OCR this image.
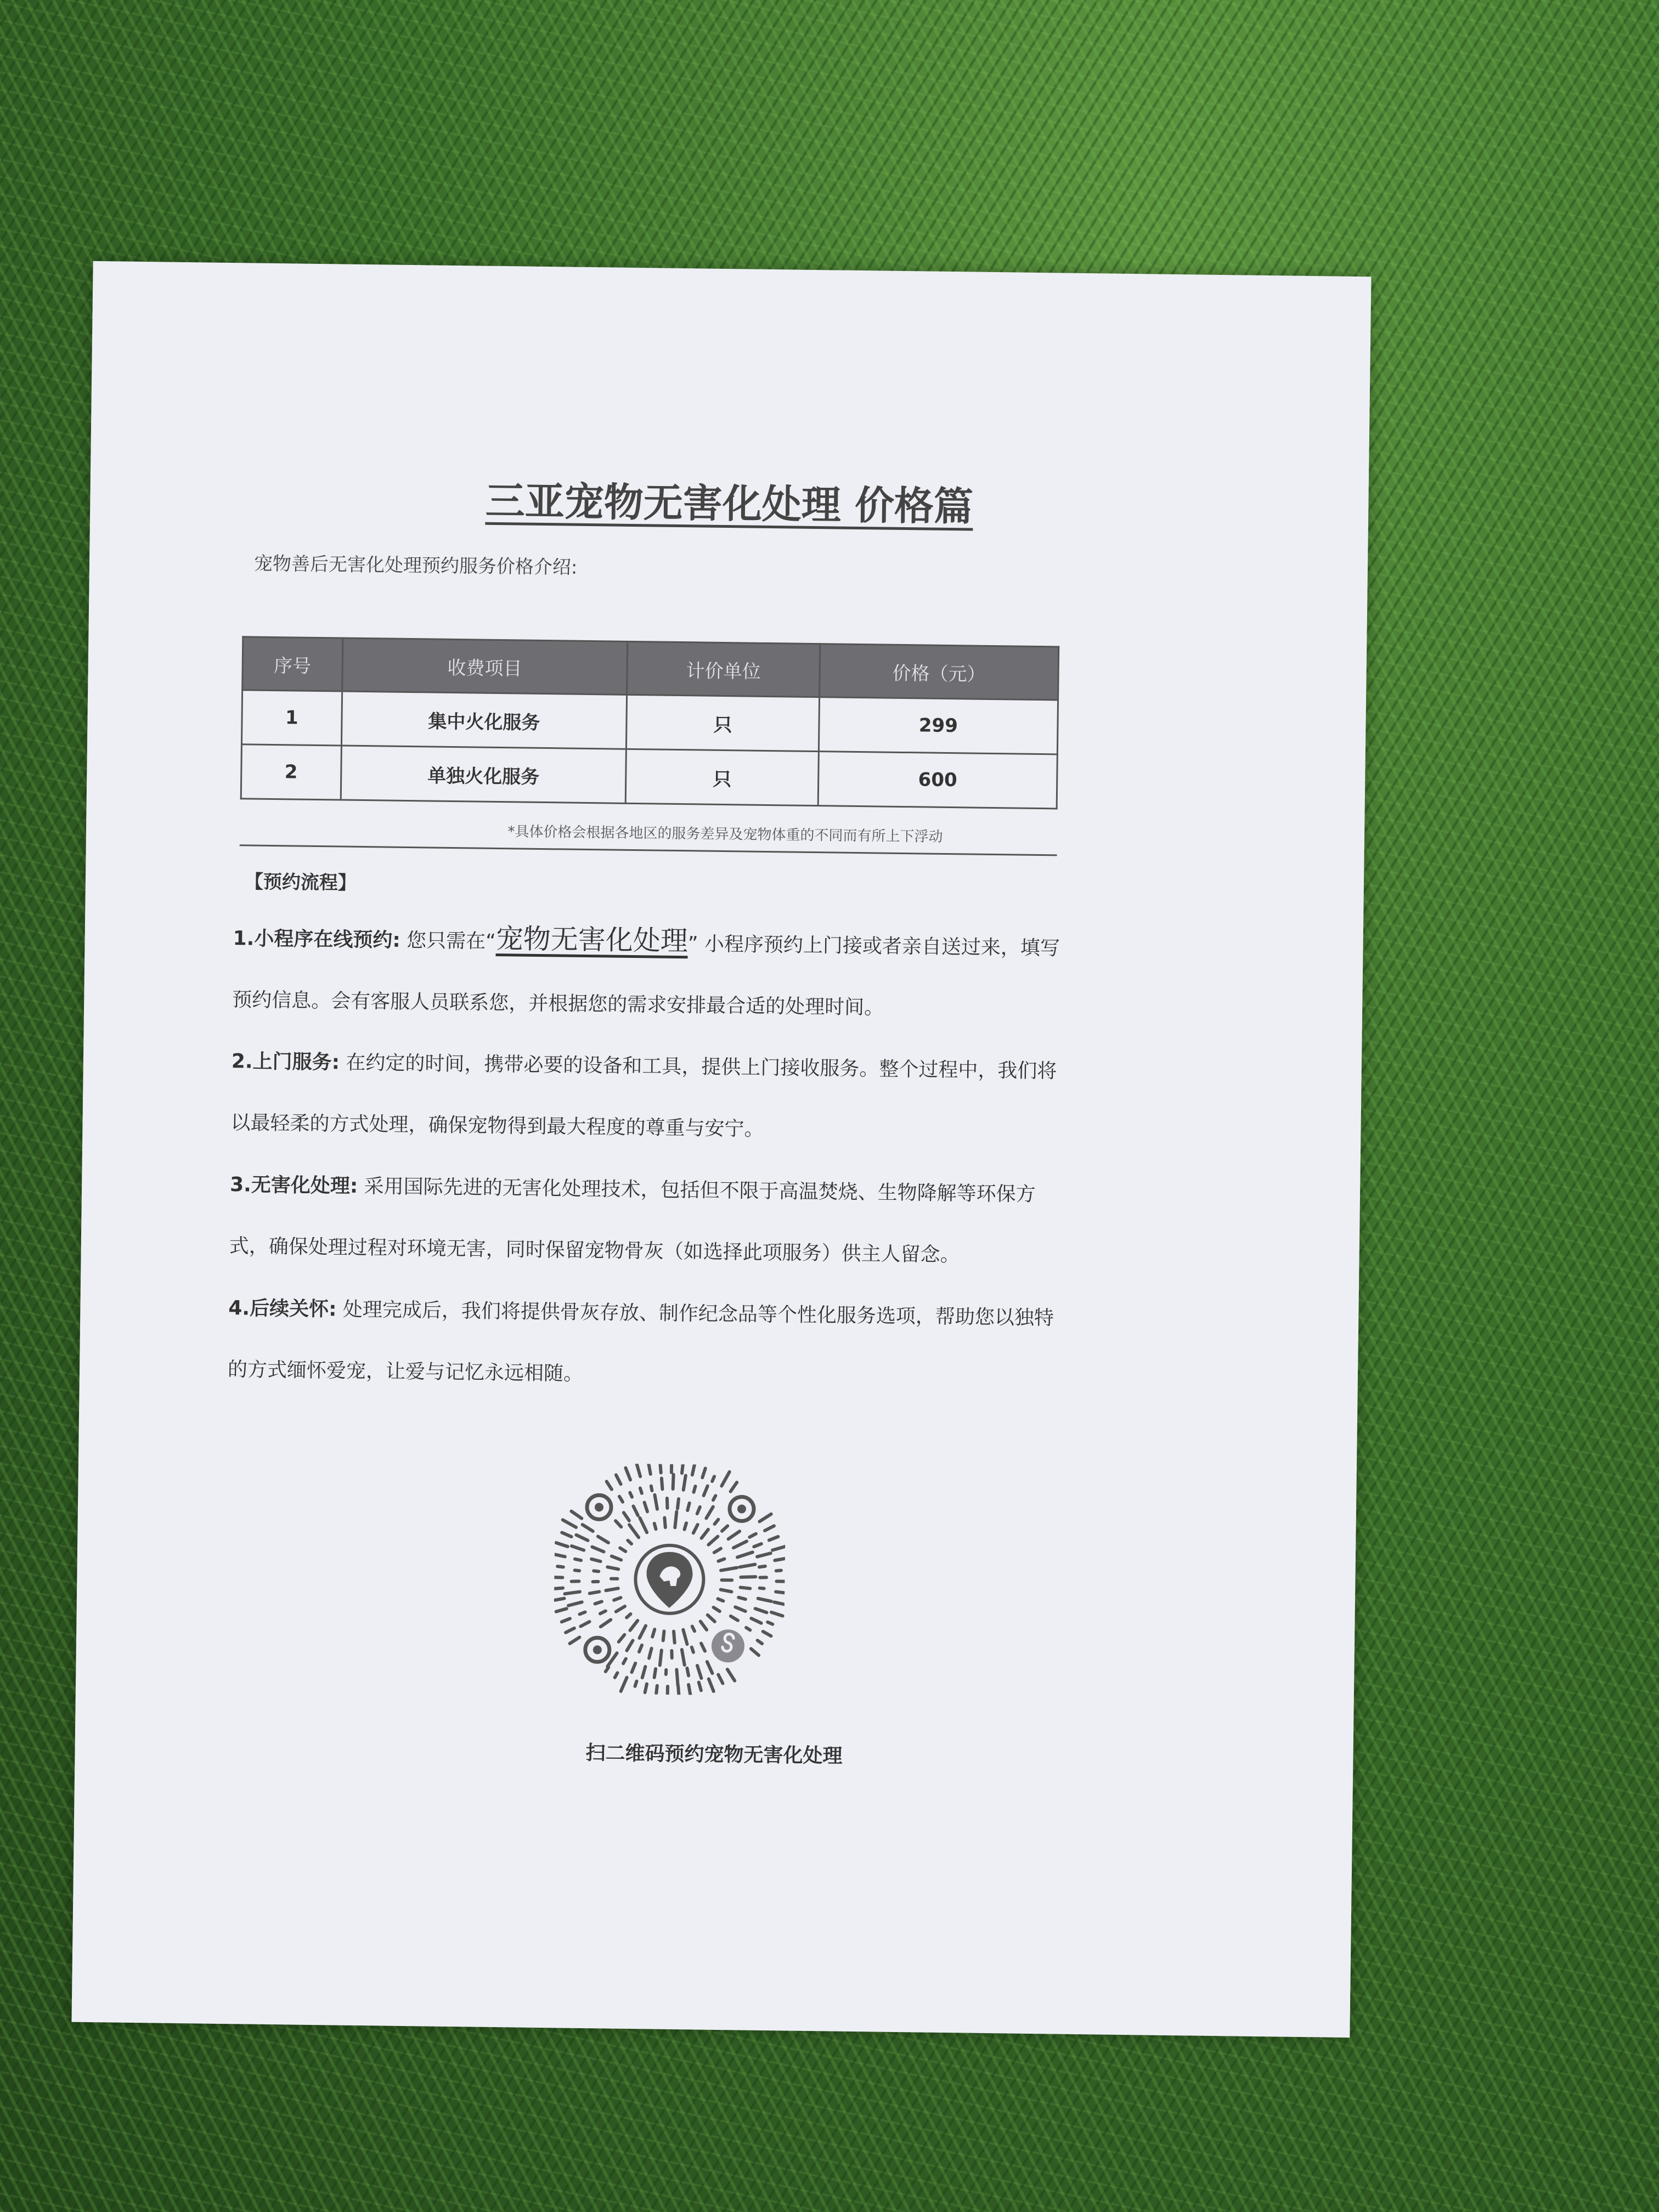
三亚宠物无害化处理 价格篇
宠物善后无害化处理预约服务价格介绍:
序号	收费项目	计价单位	价格（元）
1	集中火化服务	只	299
2	单独火化服务	只	600
*具体价格会根据各地区的服务差异及宠物体重的不同而有所上下浮动
【预约流程】
1.小程序在线预约: 您只需在“宠物无害化处理” 小程序预约上门接或者亲自送过来，填写预约信息。会有客服人员联系您，并根据您的需求安排最合适的处理时间。
2.上门服务: 在约定的时间，携带必要的设备和工具，提供上门接收服务。整个过程中，我们将以最轻柔的方式处理，确保宠物得到最大程度的尊重与安宁。
3.无害化处理: 采用国际先进的无害化处理技术，包括但不限于高温焚烧、生物降解等环保方式，确保处理过程对环境无害，同时保留宠物骨灰（如选择此项服务）供主人留念。
4.后续关怀: 处理完成后，我们将提供骨灰存放、制作纪念品等个性化服务选项，帮助您以独特的方式缅怀爱宠，让爱与记忆永远相随。
扫二维码预约宠物无害化处理
